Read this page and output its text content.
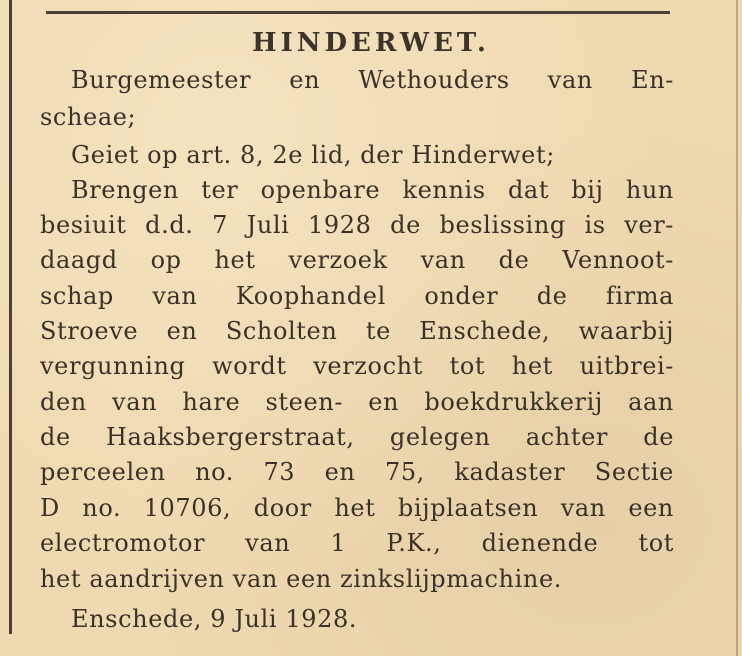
HINDERWET.

Burgemeester en Wethouders van En-

scheae;

Geiet op art. 8, 2e lid, der Hinderwet;

Brengen ter openbare kennis dat bij hun

besiuit d.d. 7 Juli 1928 de beslissing is ver-

daagd op het verzoek van de Vennoot-

schap van Koophandel onder de firma

Stroeve en Scholten te Enschede, waarbij

vergunning wordt verzocht tot het uitbrei-

den van hare steen- en boekdrukkerij aan

de Haaksbergerstraat, gelegen achter de

perceelen no. 73 en 75, kadaster Sectie

D no. 10706, door het bijplaatsen van een

electromotor van 1 P.K., dienende tot

het aandrijven van een zinkslijpmachine.

Enschede, 9 Juli 1928.
